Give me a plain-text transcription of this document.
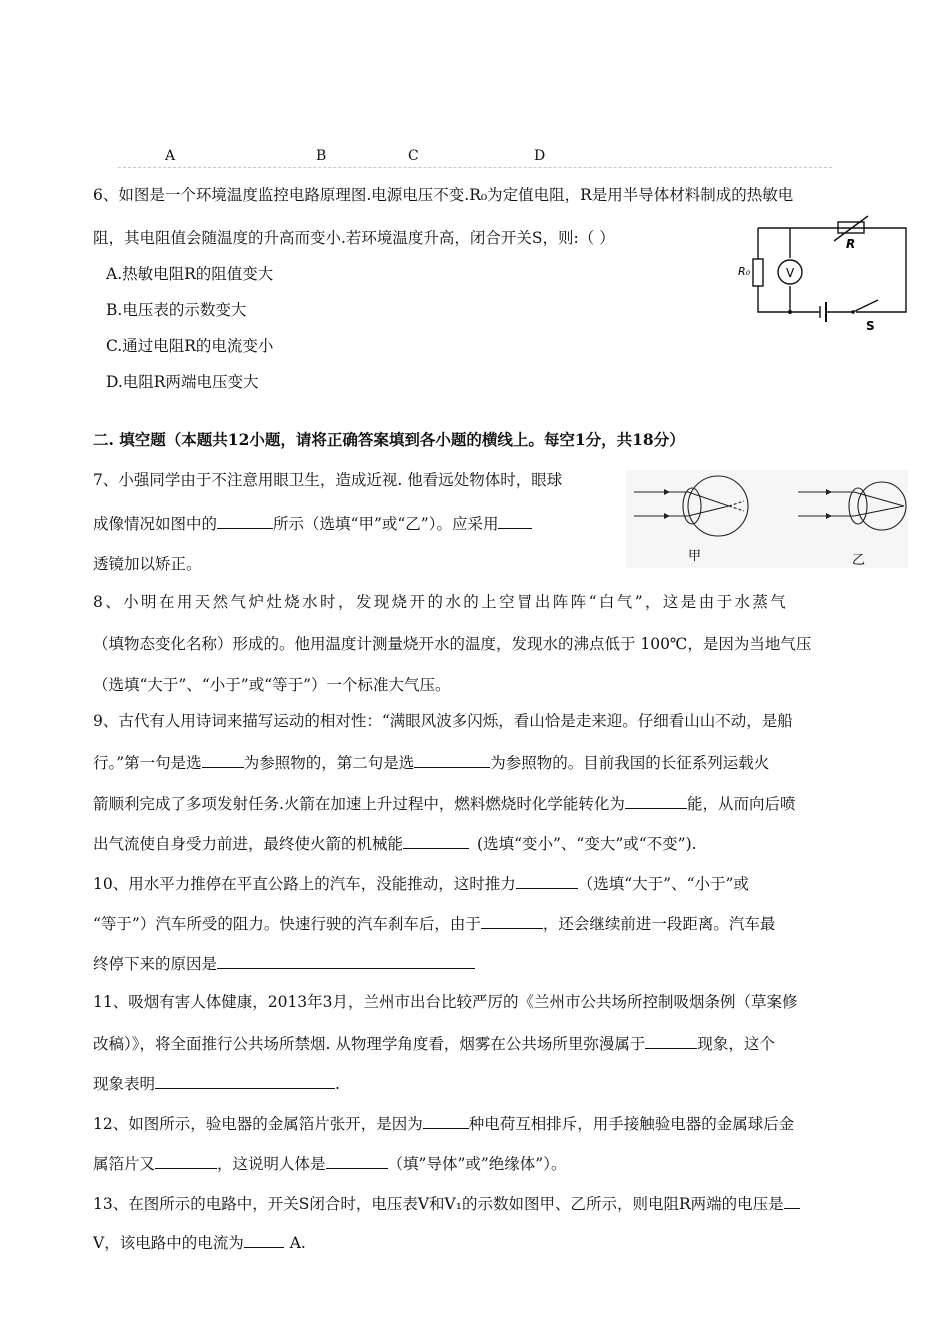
A	B	C	D
6、如图是一个环境温度监控电路原理图.电源电压不变.R₀为定值电阻，R是用半导体材料制成的热敏电
阻，其电阻值会随温度的升高而变小.若环境温度升高，闭合开关S，则:（ ）
A.热敏电阻R的阻值变大
B.电压表的示数变大
C.通过电阻R的电流变小
D.电阻R两端电压变大
R₀	V
R
S
二. 填空题（本题共12小题，请将正确答案填到各小题的横线上。每空1分，共18分）
7、小强同学由于不注意用眼卫生，造成近视. 他看远处物体时，眼球
成像情况如图中的	所示（选填“甲”或“乙”）。应采用
透镜加以矫正。	甲	乙
8、小明在用天然气炉灶烧水时，发现烧开的水的上空冒出阵阵“白气”，这是由于水蒸气
（填物态变化名称）形成的。他用温度计测量烧开水的温度，发现水的沸点低于 100℃，是因为当地气压
（选填“大于”、“小于”或“等于”）一个标准大气压。
9、古代有人用诗词来描写运动的相对性：“满眼风波多闪烁，看山恰是走来迎。仔细看山山不动，是船
行。”第一句是选	为参照物的，第二句是选	为参照物的。目前我国的长征系列运载火
箭顺利完成了多项发射任务.火箭在加速上升过程中，燃料燃烧时化学能转化为	能，从而向后喷
出气流使自身受力前进，最终使火箭的机械能	(选填“变小”、“变大”或“不变”).
10、用水平力推停在平直公路上的汽车，没能推动，这时推力	（选填“大于”、“小于”或
“等于”）汽车所受的阻力。快速行驶的汽车刹车后，由于	，还会继续前进一段距离。汽车最
终停下来的原因是
11、吸烟有害人体健康，2013年3月，兰州市出台比较严厉的《兰州市公共场所控制吸烟条例（草案修
改稿）》，将全面推行公共场所禁烟. 从物理学角度看，烟雾在公共场所里弥漫属于	现象，这个
现象表明	.
12、如图所示，验电器的金属箔片张开，是因为	种电荷互相排斥，用手接触验电器的金属球后金
属箔片又	，这说明人体是	（填”导体”或”绝缘体”）。
13、在图所示的电路中，开关S闭合时，电压表V和V₁的示数如图甲、乙所示，则电阻R两端的电压是
V，该电路中的电流为	A.
